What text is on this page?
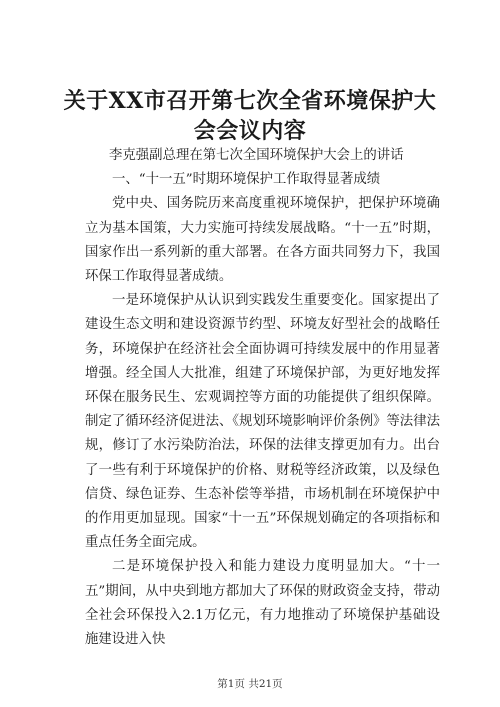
关于XX市召开第七次全省环境保护大会会议内容

李克强副总理在第七次全国环境保护大会上的讲话

一、“十一五”时期环境保护工作取得显著成绩

党中央、国务院历来高度重视环境保护，把保护环境确立为基本国策，大力实施可持续发展战略。“十一五”时期，国家作出一系列新的重大部署。在各方面共同努力下，我国环保工作取得显著成绩。

一是环境保护从认识到实践发生重要变化。国家提出了建设生态文明和建设资源节约型、环境友好型社会的战略任务，环境保护在经济社会全面协调可持续发展中的作用显著增强。经全国人大批准，组建了环境保护部，为更好地发挥环保在服务民生、宏观调控等方面的功能提供了组织保障。制定了循环经济促进法、《规划环境影响评价条例》等法律法规，修订了水污染防治法，环保的法律支撑更加有力。出台了一些有利于环境保护的价格、财税等经济政策，以及绿色信贷、绿色证券、生态补偿等举措，市场机制在环境保护中的作用更加显现。国家“十一五”环保规划确定的各项指标和重点任务全面完成。

二是环境保护投入和能力建设力度明显加大。“十一五”期间，从中央到地方都加大了环保的财政资金支持，带动全社会环保投入2.1万亿元，有力地推动了环境保护基础设施建设进入快

第1页 共21页
